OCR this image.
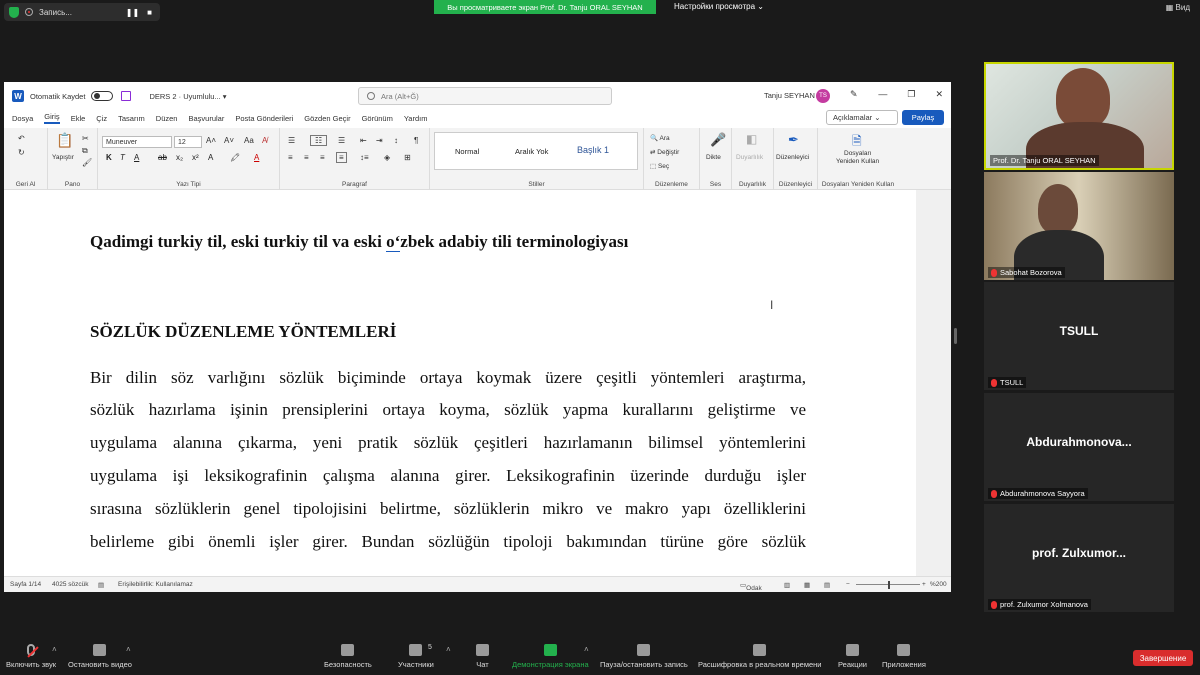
Запись...	❚❚ ■
Вы просматриваете экран Prof. Dr. Tanju ORAL SEYHAN	Настройки просмотра ⌄	▦ Вид
W Otomatik Kaydet	DERS 2 · Uyumlulu... ▾	Ara (Alt+Ğ)	Tanju SEYHAN TS	✎ — ❐ ✕
Dosya Giriş Ekle Çiz Tasarım Düzen Başvurular Posta Gönderileri Gözden Geçir Görünüm Yardım	Açıklamalar ⌄	Paylaş
↶
↻
Geri Al
📋
Yapıştır
✂
⧉
🖌
Pano
Muneuver	12	A˄ A˅ Aa A̸
K T A ab x₂ x² A 🖍 A
Yazı Tipi
☰	☷	☰ ⇤ ⇥ ↕ ¶
≡ ≡ ≡	≡	↕≡ ◈ ⊞
Paragraf
Normal	Aralık Yok	Başlık 1
Stiller
🔍 Ara
⇄ Değiştir
⬚ Seç
Düzenleme
🎤
Dikte
Ses
◧
Duyarlılık
Duyarlılık
✒
Düzenleyici
Düzenleyici
🗎
Dosyaları
Yeniden Kullan
Dosyaları Yeniden Kullan
Qadimgi turkiy til, eski turkiy til va eski o‘zbek adabiy tili terminologiyası
SÖZLÜK DÜZENLEME YÖNTEMLERİ
Bir dilin söz varlığını sözlük biçiminde ortaya koymak üzere çeşitli yöntemleri araştırma,
sözlük hazırlama işinin prensiplerini ortaya koyma, sözlük yapma kurallarını geliştirme ve
uygulama alanına çıkarma, yeni pratik sözlük çeşitleri hazırlamanın bilimsel yöntemlerini
uygulama işi leksikografinin çalışma alanına girer. Leksikografinin üzerinde durduğu işler
sırasına sözlüklerin genel tipolojisini belirtme, sözlüklerin mikro ve makro yapı özelliklerini
belirleme gibi önemli işler girer. Bundan sözlüğün tipoloji bakımından türüne göre sözlük
I
Sayfa 1/14 4025 sözcük ▤ Erişilebilirlik: Kullanılamaz	▭ Odak	▥ ▦ ▤ −	+ %200
Prof. Dr. Tanju ORAL SEYHAN
Sabohat Bozorova
TSULL
TSULL
Abdurahmonova...
Abdurahmonova Sayyora
prof. Zulxumor...
prof. Zulxumor Xolmanova
Включить звук
˄
Остановить видео
˄
Безопасность	Участники
5 ˄
Чат	Демонстрация экрана
˄
Пауза/остановить запись Расшифровка в реальном времени Реакции Приложения
Завершение
